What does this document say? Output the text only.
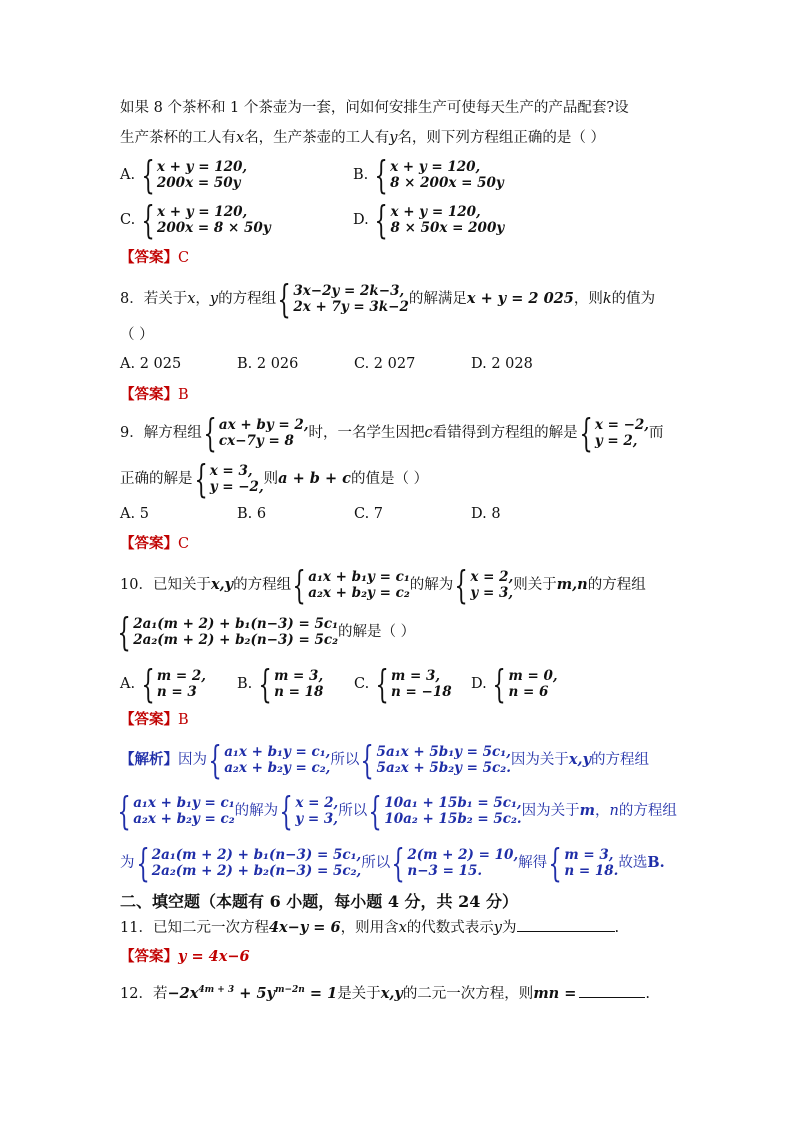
如果 8 个茶杯和 1 个茶壶为一套，问如何安排生产可使每天生产的产品配套?设
生产茶杯的工人有x名，生产茶壶的工人有y名，则下列方程组正确的是（ ）
A. { x + y = 120,
200x = 50y	B. { x + y = 120,
8 × 200x = 50y
C. { x + y = 120,
200x = 8 × 50y	D. { x + y = 120,
8 × 50x = 200y
【答案】C
8．若关于x，y的方程组 { 3x−2y = 2k−3,
2x + 7y = 3k−2 的解满足x + y = 2 025，则k的值为
（ ）
A. 2 025	B. 2 026	C. 2 027	D. 2 028
【答案】B
9．解方程组 { ax + by = 2,
cx−7y = 8	时，一名学生因把c看错得到方程组的解是 { x = −2,
y = 2, 而
正确的解是 { x = 3,
y = −2, 则a + b + c的值是（ ）
A. 5	B. 6	C. 7	D. 8
【答案】C
10．已知关于x,y的方程组 { a₁x + b₁y = c₁
a₂x + b₂y = c₂ 的解为 { x = 2,
y = 3, 则关于m,n的方程组
{ 2a₁(m + 2) + b₁(n−3) = 5c₁
2a₂(m + 2) + b₂(n−3) = 5c₂ 的解是（ ）
A. { m = 2,
n = 3	B. { m = 3,
n = 18 C. { m = 3,
n = −18 D. { m = 0,
n = 6
【答案】B
【解析】因为 { a₁x + b₁y = c₁,
a₂x + b₂y = c₂, 所以 { 5a₁x + 5b₁y = 5c₁,
5a₂x + 5b₂y = 5c₂. 因为关于x,y的方程组
{ a₁x + b₁y = c₁
a₂x + b₂y = c₂ 的解为 { x = 2,
y = 3, 所以 { 10a₁ + 15b₁ = 5c₁,
10a₂ + 15b₂ = 5c₂. 因为关于m，n的方程组
为 { 2a₁(m + 2) + b₁(n−3) = 5c₁,
2a₂(m + 2) + b₂(n−3) = 5c₂, 所以 { 2(m + 2) = 10,
n−3 = 15.	解得 { m = 3,
n = 18. 故选B.
二、填空题（本题有 6 小题，每小题 4 分，共 24 分）
11．已知二元一次方程4x−y = 6，则用含x的代数式表示y为	.
【答案】y = 4x−6
12．若$-2x^{4m + 3} + 5y^{m-2n} = 1$是关于x,y的二元一次方程，则mn =	.
